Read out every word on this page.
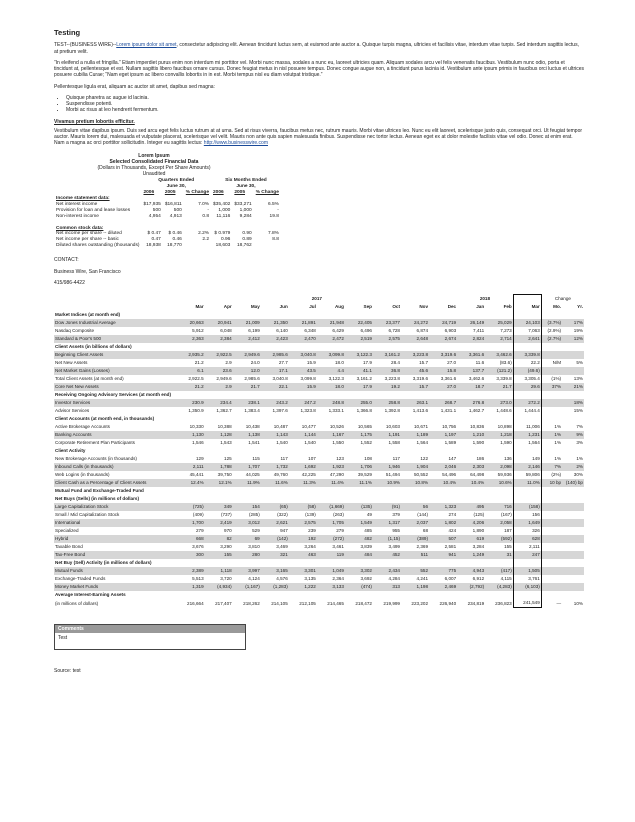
Testing

TEST--(BUSINESS WIRE)--Lorem ipsum dolor sit amet, consectetur adipiscing elit. Aenean tincidunt luctus sem, at euismod ante auctor a. Quisque turpis magna, ultricies et facilisis vitae, interdum vitae turpis. Sed interdum sagittis lectus, at pretium velit.

“In eleifend a nulla et fringilla.” Etiam imperdiet purus enim non interdum mi porttitor vel. Morbi nunc massa, sodales a nunc eu, laoreet ultricies quam. Aliquam sodales arcu vel felis venenatis faucibus. Vestibulum nunc odio, porta et tincidunt at, pellentesque et est. Nullam sagittis libero faucibus ornare cursus. Donec feugiat metus in nisl posuere tempus. Donec congue augue non, a tincidunt purus lacinia id. Vestibulum ante ipsum primis in faucibus orci luctus et ultrices posuere cubilia Curae; “Nam eget ipsum ac libero convallis lobortis in in est. Morbi tempus nisl eu diam volutpat tristique.”

Pellentesque ligula erat, aliquam ac auctor sit amet, dapibus sed magna:

• Quisque pharetra ac augue id lacinia.
• Suspendisse potenti.
• Morbi ac risus at leo hendrerit fermentum.
Vivamus pretium lobortis efficitur.

Vestibulum vitae dapibus ipsum. Duis sed arcu eget felis luctus rutrum at at urna. Sed at risus viverra, faucibus metus nec, rutrum mauris. Morbi vitae ultrices leo. Nunc eu elit laoreet, scelerisque justo quis, consequat orci. Ut feugiat tempor auctor. Mauris lorem dui, malesuada et vulputate placerat, scelerisque vel velit. Mauris non ante quis sapien malesuada finibus. Suspendisse nec tortor lectus. Aenean eget ex at dolor molestie facilisis vitae vel odio. Donec at enim erat. Nam a magna ac orci porttitor sollicitudin. Integer eu sagittis lectus: http://www.businesswire.com

Lorem Ipsum
Selected Consolidated Financial Data
(Dollars in Thousands, Except Per Share Amounts)
Unaudited
	Quarters Ended			Six Months Ended		
	June 30,			June 30,		
	2006	2005	% Change	2006	2005	% Change
Income statement data:						
Net interest income	$17,935	$16,811	7.0%	$35,402	$33,271	6.5%
Provision for loan and lease losses	500	500	-	1,000	1,000	-
Non-interest income	4,954	4,913	0.8	11,116	9,284	19.8

Common stock data:						
Net income per share -- diluted	$ 0.47	$ 0.46	2.2%	$ 0.979	0.90	7.8%
Net income per share -- basic	0.47	0.46	2.2	0.96	0.89	8.8
Diluted shares outstanding (thousands)	18,938	18,770		18,603	18,762	

CONTACT:

Business Wire, San Francisco

415/986-4422

	2017										2018			Change	
	Mar	Apr	May	Jun	Jul	Aug	Sep	Oct	Nov	Dec	Jan	Feb	Mar	Mo.	Yr.
Market Indices (at month end)															
Dow Jones Industrial Average	20,663	20,941	21,009	21,350	21,891	21,948	22,405	23,377	24,272	24,719	26,149	25,029	24,103	(3.7%)	17%
Nasdaq Composite	5,912	6,048	6,199	6,140	6,348	6,429	6,496	6,728	6,874	6,903	7,411	7,273	7,063	(2.9%)	19%
Standard & Poor's 500	2,363	2,384	2,412	2,423	2,470	2,472	2,519	2,575	2,648	2,674	2,824	2,714	2,641	(2.7%)	12%
Client Assets (in billions of dollars)															
Beginning Client Assets	2,935.2	2,922.5	2,949.6	2,985.6	3,040.8	3,099.8	3,122.3	3,161.2	3,223.8	3,319.6	3,361.6	3,462.6	3,339.8		
Net New Assets	21.2	2.9	24.0	27.7	15.9	18.0	17.9	28.4	15.7	27.0	11.6	(83.6)	22.2	N/M	5%
Net Market Gains (Losses)	6.1	23.6	12.0	17.1	43.5	4.4	41.1	36.8	45.6	15.8	137.7	(121.2)	(49.6)		
Total Client Assets (at month end)	2,922.5	2,949.6	2,985.6	3,040.8	3,099.8	3,122.3	3,161.2	3,223.8	3,319.6	3,361.6	3,462.6	3,339.8	3,305.4	(1%)	13%
Core Net New Assets	21.2	2.9	21.7	22.1	15.9	18.0	17.9	19.2	15.7	27.0	18.7	21.7	29.6	37%	21%
Receiving Ongoing Advisory Services (at month end)															
Investor Services	230.9	234.4	238.1	243.2	247.2	248.8	255.0	258.8	263.1	268.7	276.8	273.0	272.2		18%
Advisor Services	1,350.9	1,362.7	1,383.4	1,397.6	1,323.8	1,333.1	1,366.8	1,392.8	1,413.6	1,431.1	1,462.7	1,448.6	1,444.4		15%
Client Accounts (at month end, in thousands)															
Active Brokerage Accounts	10,330	10,388	10,438	10,487	10,477	10,526	10,565	10,603	10,671	10,756	10,836	10,898	11,006	1%	7%
Banking Accounts	1,130	1,128	1,138	1,143	1,144	1,167	1,175	1,191	1,189	1,197	1,210	1,218	1,231	1%	9%
Corporate Retirement Plan Participants	1,546	1,543	1,541	1,540	1,540	1,550	1,552	1,558	1,564	1,589	1,590	1,590	1,564	1%	3%
Client Activity															
New Brokerage Accounts (in thousands)	129	125	115	117	107	123	108	117	122	147	186	136	149	1%	1%
Inbound Calls (in thousands)	2,111	1,788	1,707	1,732	1,692	1,923	1,706	1,946	1,904	2,046	2,303	2,098	2,146	7%	2%
Web Logins (in thousands)	45,441	39,750	44,025	49,760	42,225	47,290	39,529	51,494	50,552	54,496	64,498	59,936	59,806	(2%)	30%
Client Cash as a Percentage of Client Assets	12.4%	12.1%	11.9%	11.6%	11.3%	11.4%	11.1%	10.9%	10.8%	10.4%	10.4%	10.6%	11.0%	10 bp	(140) bp
Mutual Fund and Exchange-Traded Fund															
Net Buys (Sells) (in millions of dollars)															
Large Capitalization Stock	(725)	349	154	(65)	(58)	(1,669)	(135)	(91)	56	1,323	495	716	(158)		
Small / Mid Capitalization Stock	(409)	(737)	(285)	(322)	(139)	(263)	49	379	(144)	274	(125)	(167)	156		
International	1,700	2,419	3,012	2,621	2,575	1,705	1,549	1,317	2,037	1,802	4,206	2,058	1,649		
Specialized	279	970	529	947	239	279	485	955	68	424	1,890	187	326		
Hybrid	668	82	69	(142)	192	(272)	482	(1,15)	(389)	507	619	(592)	628		
Taxable Bond	3,676	3,290	3,810	3,469	3,264	3,461	3,839	3,499	2,369	2,581	3,284	155	2,111		
Tax-Free Bond	300	155	280	321	463	119	484	452	511	941	1,249	31	247		
Net Buy (Sell) Activity (in millions of dollars)															
Mutual Funds	2,389	1,118	3,997	3,165	3,301	1,049	3,302	2,434	552	775	4,943	(417)	1,505		
Exchange-Traded Funds	5,513	3,720	4,124	4,576	3,135	2,364	3,692	4,284	4,241	6,007	6,912	4,115	3,761		
Money Market Funds	1,319	(4,934)	(1,167)	(1,283)	1,222	3,133	(474)	313	1,198	2,469	(2,792)	(4,283)	(6,103)		
Average Interest-Earning Assets															
(in millions of dollars)	216,664	217,407	218,262	214,105	212,105	214,465	218,472	219,999	223,202	226,940	234,819	236,823	241,549	—	10%
Comments
Test

Source: test
